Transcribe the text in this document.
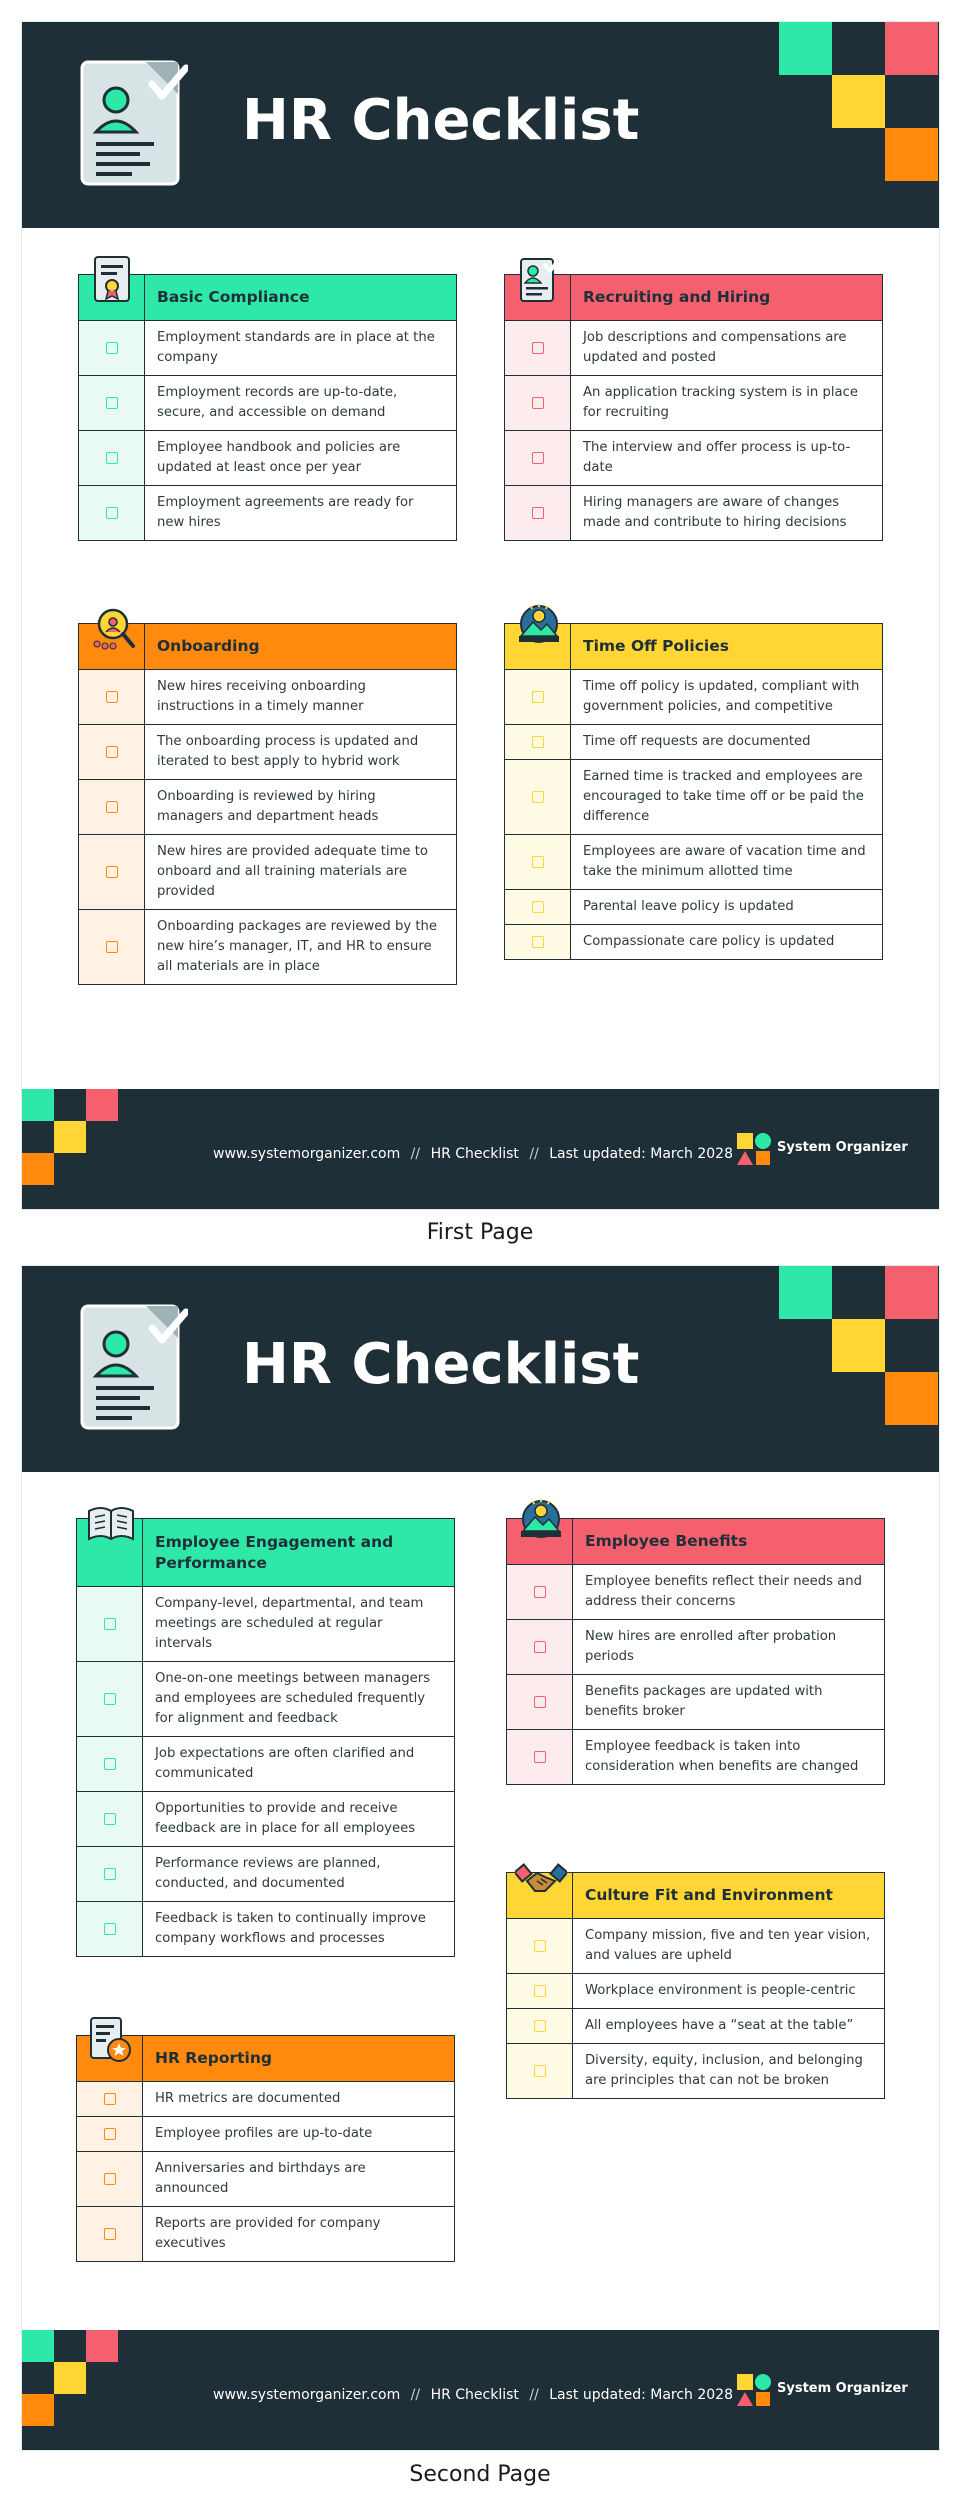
HR Checklist
Basic Compliance
Employment standards are in place at the company
Employment records are up-to-date, secure, and accessible on demand
Employee handbook and policies are updated at least once per year
Employment agreements are ready for new hires
Recruiting and Hiring
Job descriptions and compensations are updated and posted
An application tracking system is in place for recruiting
The interview and offer process is up-to-date
Hiring managers are aware of changes made and contribute to hiring decisions
Onboarding
New hires receiving onboarding instructions in a timely manner
The onboarding process is updated and iterated to best apply to hybrid work
Onboarding is reviewed by hiring managers and department heads
New hires are provided adequate time to onboard and all training materials are provided
Onboarding packages are reviewed by the new hire’s manager, IT, and HR to ensure all materials are in place
Time Off Policies
Time off policy is updated, compliant with government policies, and competitive
Time off requests are documented
Earned time is tracked and employees are encouraged to take time off or be paid the difference
Employees are aware of vacation time and take the minimum allotted time
Parental leave policy is updated
Compassionate care policy is updated
www.systemorganizer.com // HR Checklist // Last updated: March 2028	System Organizer
First Page
HR Checklist
Employee Engagement and Performance
Company-level, departmental, and team meetings are scheduled at regular intervals
One-on-one meetings between managers and employees are scheduled frequently for alignment and feedback
Job expectations are often clarified and communicated
Opportunities to provide and receive feedback are in place for all employees
Performance reviews are planned, conducted, and documented
Feedback is taken to continually improve company workflows and processes
Employee Benefits
Employee benefits reflect their needs and address their concerns
New hires are enrolled after probation periods
Benefits packages are updated with benefits broker
Employee feedback is taken into consideration when benefits are changed
Culture Fit and Environment
Company mission, five and ten year vision, and values are upheld
Workplace environment is people-centric
All employees have a “seat at the table”
Diversity, equity, inclusion, and belonging are principles that can not be broken
HR Reporting
HR metrics are documented
Employee profiles are up-to-date
Anniversaries and birthdays are announced
Reports are provided for company executives
www.systemorganizer.com // HR Checklist // Last updated: March 2028	System Organizer
Second Page
